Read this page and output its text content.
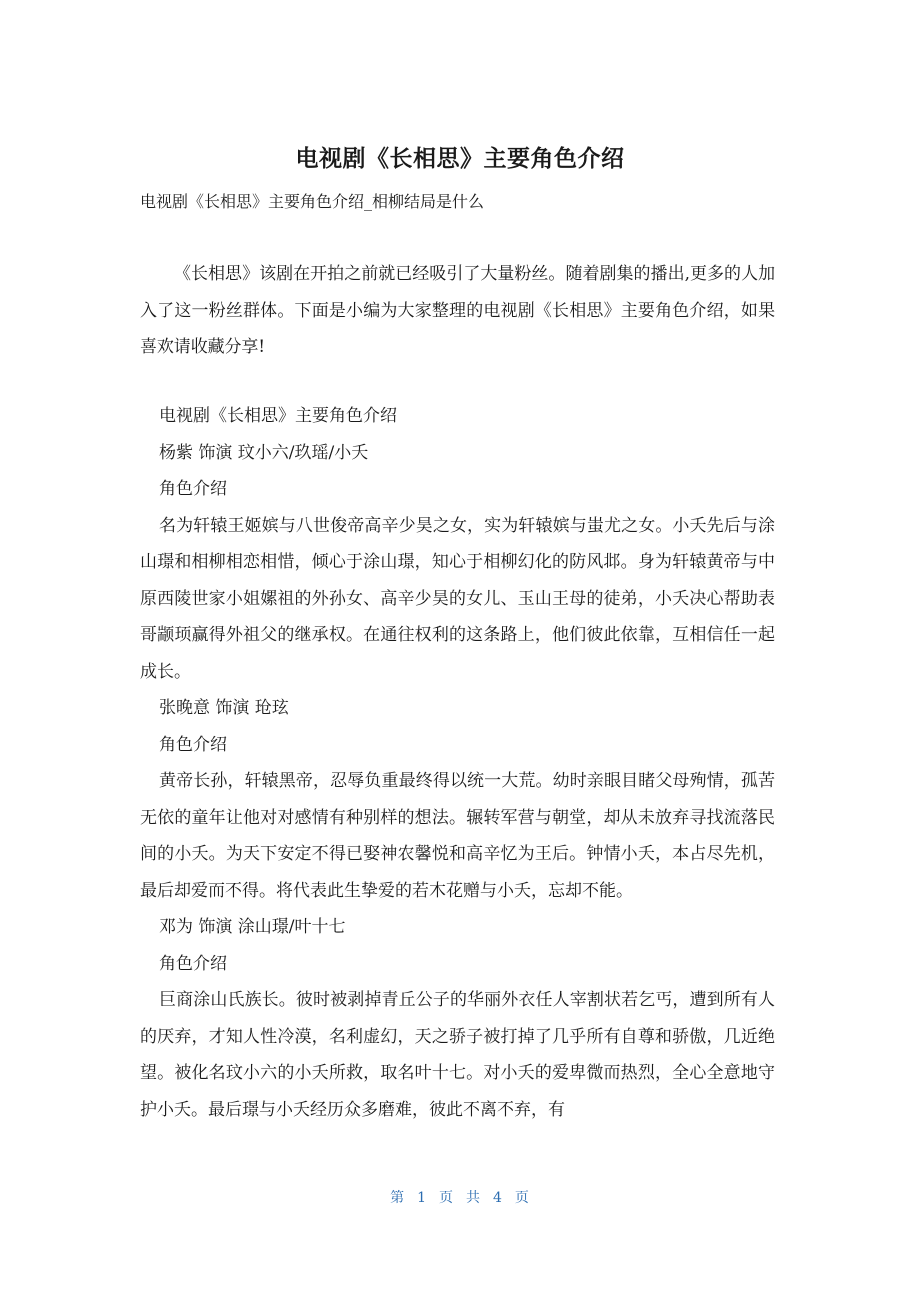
电视剧《长相思》主要角色介绍

电视剧《长相思》主要角色介绍_相柳结局是什么

《长相思》该剧在开拍之前就已经吸引了大量粉丝。随着剧集的播出,更多的人加入了这一粉丝群体。下面是小编为大家整理的电视剧《长相思》主要角色介绍，如果喜欢请收藏分享!

电视剧《长相思》主要角色介绍

杨紫 饰演 玟小六/玖瑶/小夭

角色介绍

名为轩辕王姬嫔与八世俊帝高辛少昊之女，实为轩辕嫔与蚩尤之女。小夭先后与涂山璟和相柳相恋相惜，倾心于涂山璟，知心于相柳幻化的防风邶。身为轩辕黄帝与中原西陵世家小姐嫘祖的外孙女、高辛少昊的女儿、玉山王母的徒弟，小夭决心帮助表哥颛顼赢得外祖父的继承权。在通往权利的这条路上，他们彼此依靠，互相信任一起成长。

张晚意 饰演 玱玹

角色介绍

黄帝长孙，轩辕黑帝，忍辱负重最终得以统一大荒。幼时亲眼目睹父母殉情，孤苦无依的童年让他对对感情有种别样的想法。辗转军营与朝堂，却从未放弃寻找流落民间的小夭。为天下安定不得已娶神农馨悦和高辛忆为王后。钟情小夭，本占尽先机，最后却爱而不得。将代表此生挚爱的若木花赠与小夭，忘却不能。

邓为 饰演 涂山璟/叶十七

角色介绍

巨商涂山氏族长。彼时被剥掉青丘公子的华丽外衣任人宰割状若乞丐，遭到所有人的厌弃，才知人性冷漠，名利虚幻，天之骄子被打掉了几乎所有自尊和骄傲，几近绝望。被化名玟小六的小夭所救，取名叶十七。对小夭的爱卑微而热烈，全心全意地守护小夭。最后璟与小夭经历众多磨难，彼此不离不弃，有

第 1 页 共 4 页
